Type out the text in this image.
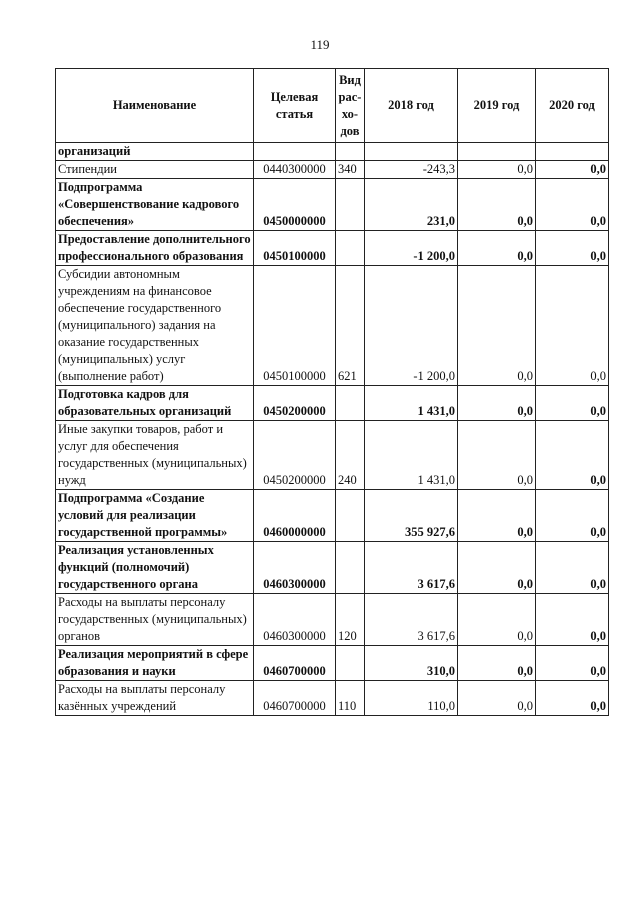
119
Наименование	Целевая статья	Вид рас-хо-дов	2018 год	2019 год	2020 год
организаций					
Стипендии	0440300000	340	-243,3	0,0	0,0
Подпрограмма «Совершенствование кадрового обеспечения»	0450000000		231,0	0,0	0,0
Предоставление дополнительного профессионального образования	0450100000		-1 200,0	0,0	0,0
Субсидии автономным учреждениям на финансовое обеспечение государственного (муниципального) задания на оказание государственных (муниципальных) услуг (выполнение работ)	0450100000	621	-1 200,0	0,0	0,0
Подготовка кадров для образовательных организаций	0450200000		1 431,0	0,0	0,0
Иные закупки товаров, работ и услуг для обеспечения государственных (муниципальных) нужд	0450200000	240	1 431,0	0,0	0,0
Подпрограмма «Создание условий для реализации государственной программы»	0460000000		355 927,6	0,0	0,0
Реализация установленных функций (полномочий) государственного органа	0460300000		3 617,6	0,0	0,0
Расходы на выплаты персоналу государственных (муниципальных) органов	0460300000	120	3 617,6	0,0	0,0
Реализация мероприятий в сфере образования и науки	0460700000		310,0	0,0	0,0
Расходы на выплаты персоналу казённых учреждений	0460700000	110	110,0	0,0	0,0
